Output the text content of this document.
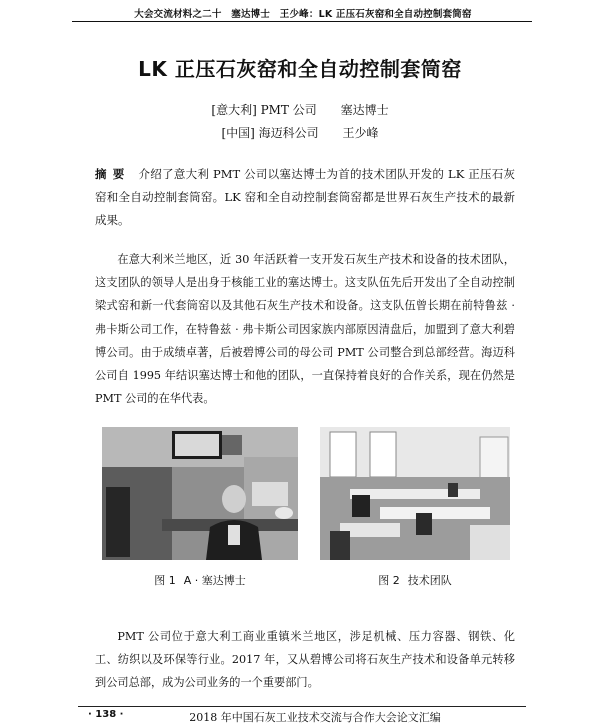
大会交流材料之二十　塞达博士　王少峰：LK 正压石灰窑和全自动控制套筒窑
LK 正压石灰窑和全自动控制套筒窑
[意大利] PMT 公司 塞达博士
[中国] 海迈科公司 王少峰
摘要 介绍了意大利 PMT 公司以塞达博士为首的技术团队开发的 LK 正压石灰窑和全自动控制套筒窑。LK 窑和全自动控制套筒窑都是世界石灰生产技术的最新成果。
在意大利米兰地区，近 30 年活跃着一支开发石灰生产技术和设备的技术团队，这支团队的领导人是出身于核能工业的塞达博士。这支队伍先后开发出了全自动控制梁式窑和新一代套筒窑以及其他石灰生产技术和设备。这支队伍曾长期在前特鲁兹 · 弗卡斯公司工作，在特鲁兹 · 弗卡斯公司因家族内部原因清盘后，加盟到了意大利碧博公司。由于成绩卓著，后被碧博公司的母公司 PMT 公司整合到总部经营。海迈科公司自 1995 年结识塞达博士和他的团队，一直保持着良好的合作关系，现在仍然是 PMT 公司的在华代表。
图 1 A · 塞达博士	图 2 技术团队
PMT 公司位于意大利工商业重镇米兰地区，涉足机械、压力容器、钢铁、化工、纺织以及环保等行业。2017 年，又从碧博公司将石灰生产技术和设备单元转移到公司总部，成为公司业务的一个重要部门。
· 138 ·	2018 年中国石灰工业技术交流与合作大会论文汇编
